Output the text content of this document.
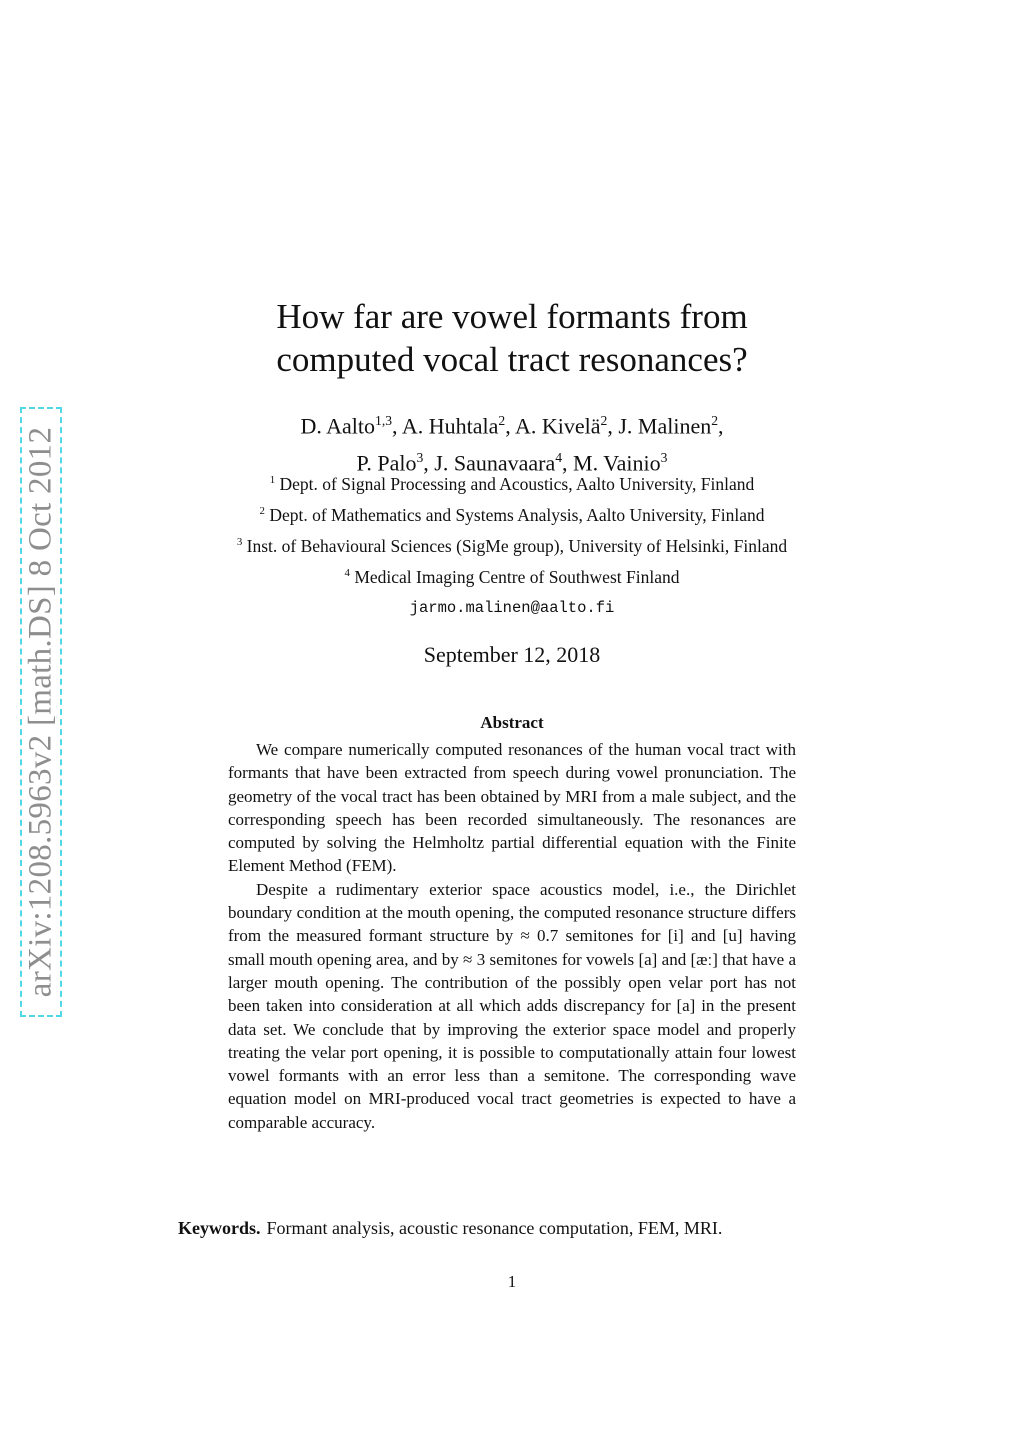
arXiv:1208.5963v2 [math.DS] 8 Oct 2012
How far are vowel formants from
computed vocal tract resonances?
D. Aalto$^{1,3}$, A. Huhtala$^2$, A. Kivelä$^2$, J. Malinen$^2$,
P. Palo$^3$, J. Saunavaara$^4$, M. Vainio$^3$
$^1$ Dept. of Signal Processing and Acoustics, Aalto University, Finland
$^2$ Dept. of Mathematics and Systems Analysis, Aalto University, Finland
$^3$ Inst. of Behavioural Sciences (SigMe group), University of Helsinki, Finland
$^4$ Medical Imaging Centre of Southwest Finland
jarmo.malinen@aalto.fi
September 12, 2018
Abstract

We compare numerically computed resonances of the human vocal tract with formants that have been extracted from speech during vowel pronunciation. The geometry of the vocal tract has been obtained by MRI from a male subject, and the corresponding speech has been recorded simultaneously. The resonances are computed by solving the Helmholtz partial differential equation with the Finite Element Method (FEM).

Despite a rudimentary exterior space acoustics model, i.e., the Dirichlet boundary condition at the mouth opening, the computed resonance structure differs from the measured formant structure by ≈ 0.7 semitones for [i] and [u] having small mouth opening area, and by ≈ 3 semitones for vowels [a] and [æː] that have a larger mouth opening. The contribution of the possibly open velar port has not been taken into consideration at all which adds discrepancy for [a] in the present data set. We conclude that by improving the exterior space model and properly treating the velar port opening, it is possible to computationally attain four lowest vowel formants with an error less than a semitone. The corresponding wave equation model on MRI-produced vocal tract geometries is expected to have a comparable accuracy.

Keywords. Formant analysis, acoustic resonance computation, FEM, MRI.
1
